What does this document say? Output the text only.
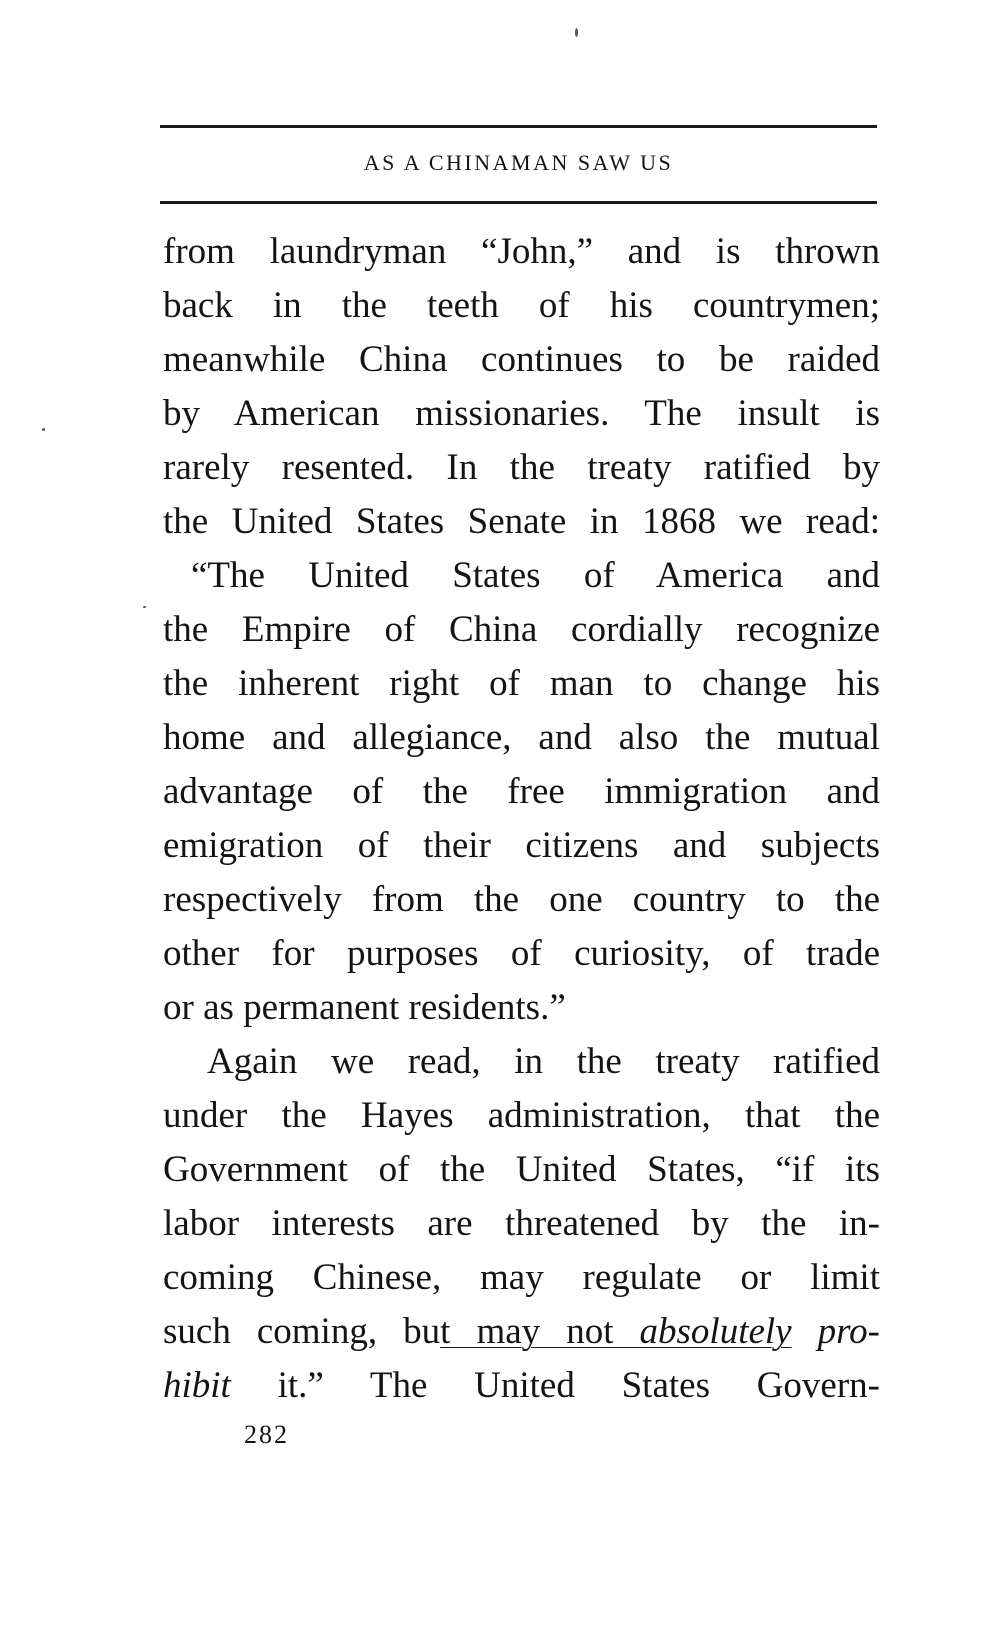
AS A CHINAMAN SAW US
from laundryman “John,” and is thrown
back in the teeth of his countrymen;
meanwhile China continues to be raided
by American missionaries. The insult is
rarely resented. In the treaty ratified by
the United States Senate in 1868 we read:
“The United States of America and
the Empire of China cordially recognize
the inherent right of man to change his
home and allegiance, and also the mutual
advantage of the free immigration and
emigration of their citizens and subjects
respectively from the one country to the
other for purposes of curiosity, of trade
or as permanent residents.”
Again we read, in the treaty ratified
under the Hayes administration, that the
Government of the United States, “if its
labor interests are threatened by the in-
coming Chinese, may regulate or limit
such coming, but may not absolutely pro-
hibit it.” The United States Govern-
282
